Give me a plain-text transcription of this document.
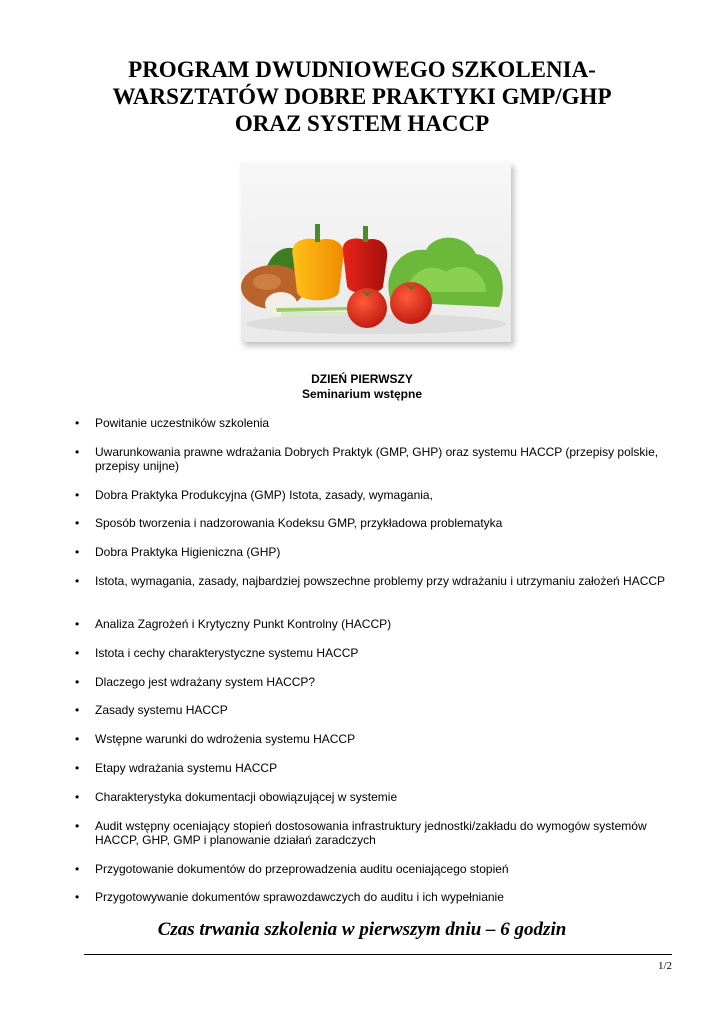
PROGRAM DWUDNIOWEGO SZKOLENIA-
WARSZTATÓW DOBRE PRAKTYKI GMP/GHP
ORAZ SYSTEM HACCP
DZIEŃ PIERWSZY
Seminarium wstępne
• Powitanie uczestników szkolenia
• Uwarunkowania prawne wdrażania Dobrych Praktyk (GMP, GHP) oraz systemu HACCP (przepisy polskie, przepisy unijne)
• Dobra Praktyka Produkcyjna (GMP) Istota, zasady, wymagania,
• Sposób tworzenia i nadzorowania Kodeksu GMP, przykładowa problematyka
• Dobra Praktyka Higieniczna (GHP)
• Istota, wymagania, zasady, najbardziej powszechne problemy przy wdrażaniu i utrzymaniu założeń HACCP
• Analiza Zagrożeń i Krytyczny Punkt Kontrolny (HACCP)
• Istota i cechy charakterystyczne systemu HACCP
• Dlaczego jest wdrażany system HACCP?
• Zasady systemu HACCP
• Wstępne warunki do wdrożenia systemu HACCP
• Etapy wdrażania systemu HACCP
• Charakterystyka dokumentacji obowiązującej w systemie
• Audit wstępny oceniający stopień dostosowania infrastruktury jednostki/zakładu do wymogów systemów HACCP, GHP, GMP i planowanie działań zaradczych
• Przygotowanie dokumentów do przeprowadzenia auditu oceniającego stopień
• Przygotowywanie dokumentów sprawozdawczych do auditu i ich wypełnianie
Czas trwania szkolenia w pierwszym dniu – 6 godzin
1/2
